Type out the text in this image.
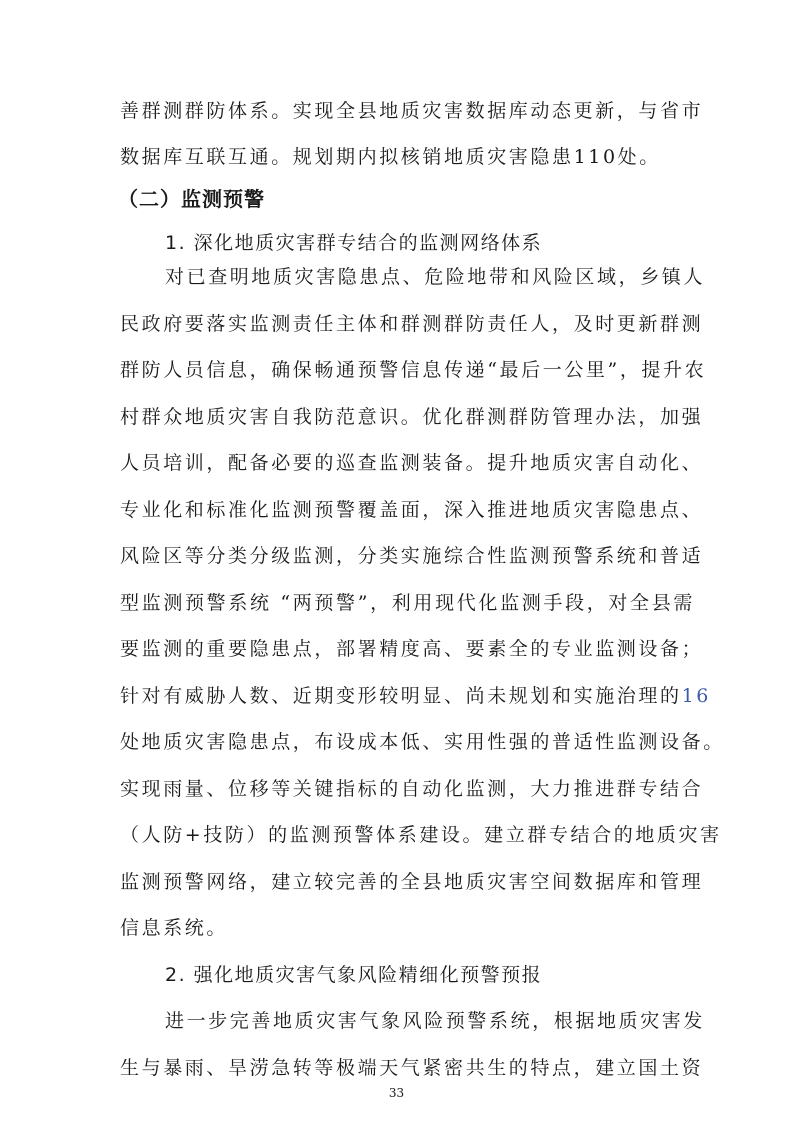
善群测群防体系。实现全县地质灾害数据库动态更新，与省市
数据库互联互通。规划期内拟核销地质灾害隐患110处。
（二）监测预警
1. 深化地质灾害群专结合的监测网络体系
对已查明地质灾害隐患点、危险地带和风险区域，乡镇人
民政府要落实监测责任主体和群测群防责任人，及时更新群测
群防人员信息，确保畅通预警信息传递“最后一公里”，提升农
村群众地质灾害自我防范意识。优化群测群防管理办法，加强
人员培训，配备必要的巡查监测装备。提升地质灾害自动化、
专业化和标准化监测预警覆盖面，深入推进地质灾害隐患点、
风险区等分类分级监测，分类实施综合性监测预警系统和普适
型监测预警系统 “两预警”，利用现代化监测手段，对全县需
要监测的重要隐患点，部署精度高、要素全的专业监测设备；
针对有威胁人数、近期变形较明显、尚未规划和实施治理的16
处地质灾害隐患点，布设成本低、实用性强的普适性监测设备。
实现雨量、位移等关键指标的自动化监测，大力推进群专结合
（人防+技防）的监测预警体系建设。建立群专结合的地质灾害
监测预警网络，建立较完善的全县地质灾害空间数据库和管理
信息系统。
2. 强化地质灾害气象风险精细化预警预报
进一步完善地质灾害气象风险预警系统，根据地质灾害发
生与暴雨、旱涝急转等极端天气紧密共生的特点，建立国土资
33
